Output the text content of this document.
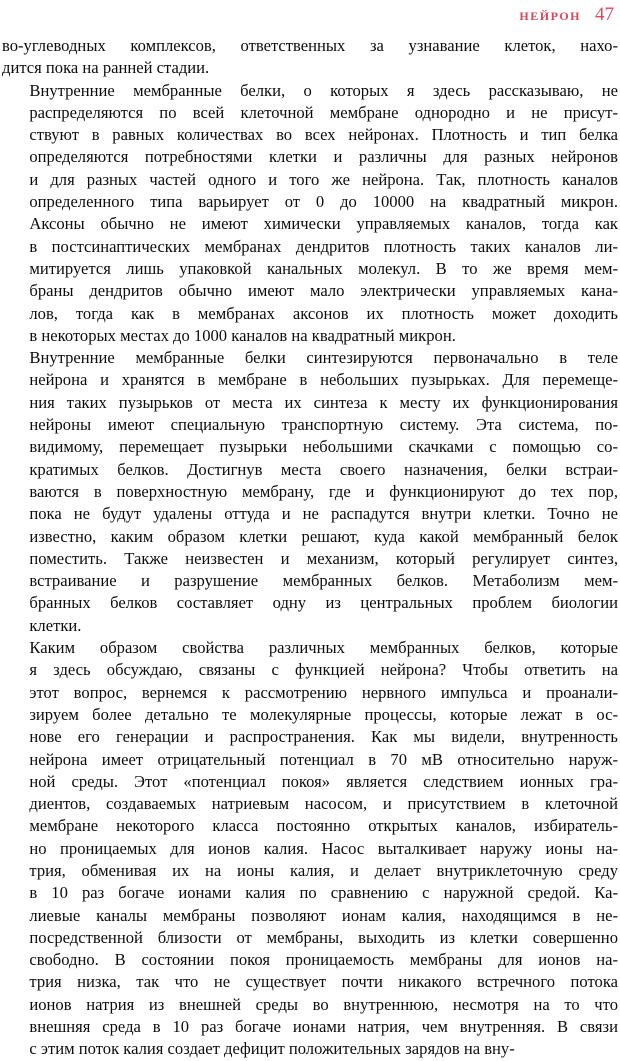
НЕЙРОН 47

во-углеводных комплексов, ответственных за узнавание клеток, нахо-
дится пока на ранней стадии.

Внутренние мембранные белки, о которых я здесь рассказываю, не
распределяются по всей клеточной мембране однородно и не присут-
ствуют в равных количествах во всех нейронах. Плотность и тип белка
определяются потребностями клетки и различны для разных нейронов
и для разных частей одного и того же нейрона. Так, плотность каналов
определенного типа варьирует от 0 до 10000 на квадратный микрон.
Аксоны обычно не имеют химически управляемых каналов, тогда как
в постсинаптических мембранах дендритов плотность таких каналов ли-
митируется лишь упаковкой канальных молекул. В то же время мем-
браны дендритов обычно имеют мало электрически управляемых кана-
лов, тогда как в мембранах аксонов их плотность может доходить
в некоторых местах до 1000 каналов на квадратный микрон.

Внутренние мембранные белки синтезируются первоначально в теле
нейрона и хранятся в мембране в небольших пузырьках. Для перемеще-
ния таких пузырьков от места их синтеза к месту их функционирования
нейроны имеют специальную транспортную систему. Эта система, по-
видимому, перемещает пузырьки небольшими скачками с помощью со-
кратимых белков. Достигнув места своего назначения, белки встраи-
ваются в поверхностную мембрану, где и функционируют до тех пор,
пока не будут удалены оттуда и не распадутся внутри клетки. Точно не
известно, каким образом клетки решают, куда какой мембранный белок
поместить. Также неизвестен и механизм, который регулирует синтез,
встраивание и разрушение мембранных белков. Метаболизм мем-
бранных белков составляет одну из центральных проблем биологии
клетки.

Каким образом свойства различных мембранных белков, которые
я здесь обсуждаю, связаны с функцией нейрона? Чтобы ответить на
этот вопрос, вернемся к рассмотрению нервного импульса и проанали-
зируем более детально те молекулярные процессы, которые лежат в ос-
нове его генерации и распространения. Как мы видели, внутренность
нейрона имеет отрицательный потенциал в 70 мВ относительно наруж-
ной среды. Этот «потенциал покоя» является следствием ионных гра-
диентов, создаваемых натриевым насосом, и присутствием в клеточной
мембране некоторого класса постоянно открытых каналов, избиратель-
но проницаемых для ионов калия. Насос выталкивает наружу ионы на-
трия, обменивая их на ионы калия, и делает внутриклеточную среду
в 10 раз богаче ионами калия по сравнению с наружной средой. Ка-
лиевые каналы мембраны позволяют ионам калия, находящимся в не-
посредственной близости от мембраны, выходить из клетки совершенно
свободно. В состоянии покоя проницаемость мембраны для ионов на-
трия низка, так что не существует почти никакого встречного потока
ионов натрия из внешней среды во внутреннюю, несмотря на то что
внешняя среда в 10 раз богаче ионами натрия, чем внутренняя. В связи
с этим поток калия создает дефицит положительных зарядов на вну-
